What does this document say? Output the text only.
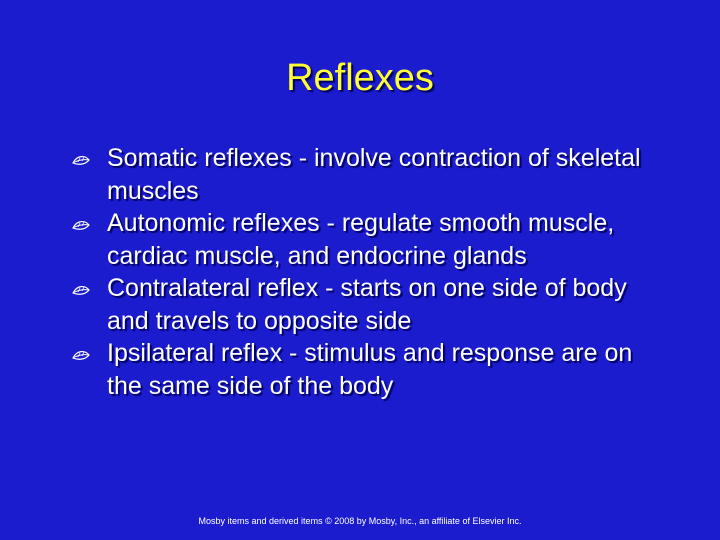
Reflexes
Somatic reflexes - involve contraction of skeletal muscles
Autonomic reflexes - regulate smooth muscle, cardiac muscle, and endocrine glands
Contralateral reflex - starts on one side of body and travels to opposite side
Ipsilateral reflex - stimulus and response are on the same side of the body
Mosby items and derived items © 2008 by Mosby, Inc., an affiliate of Elsevier Inc.
